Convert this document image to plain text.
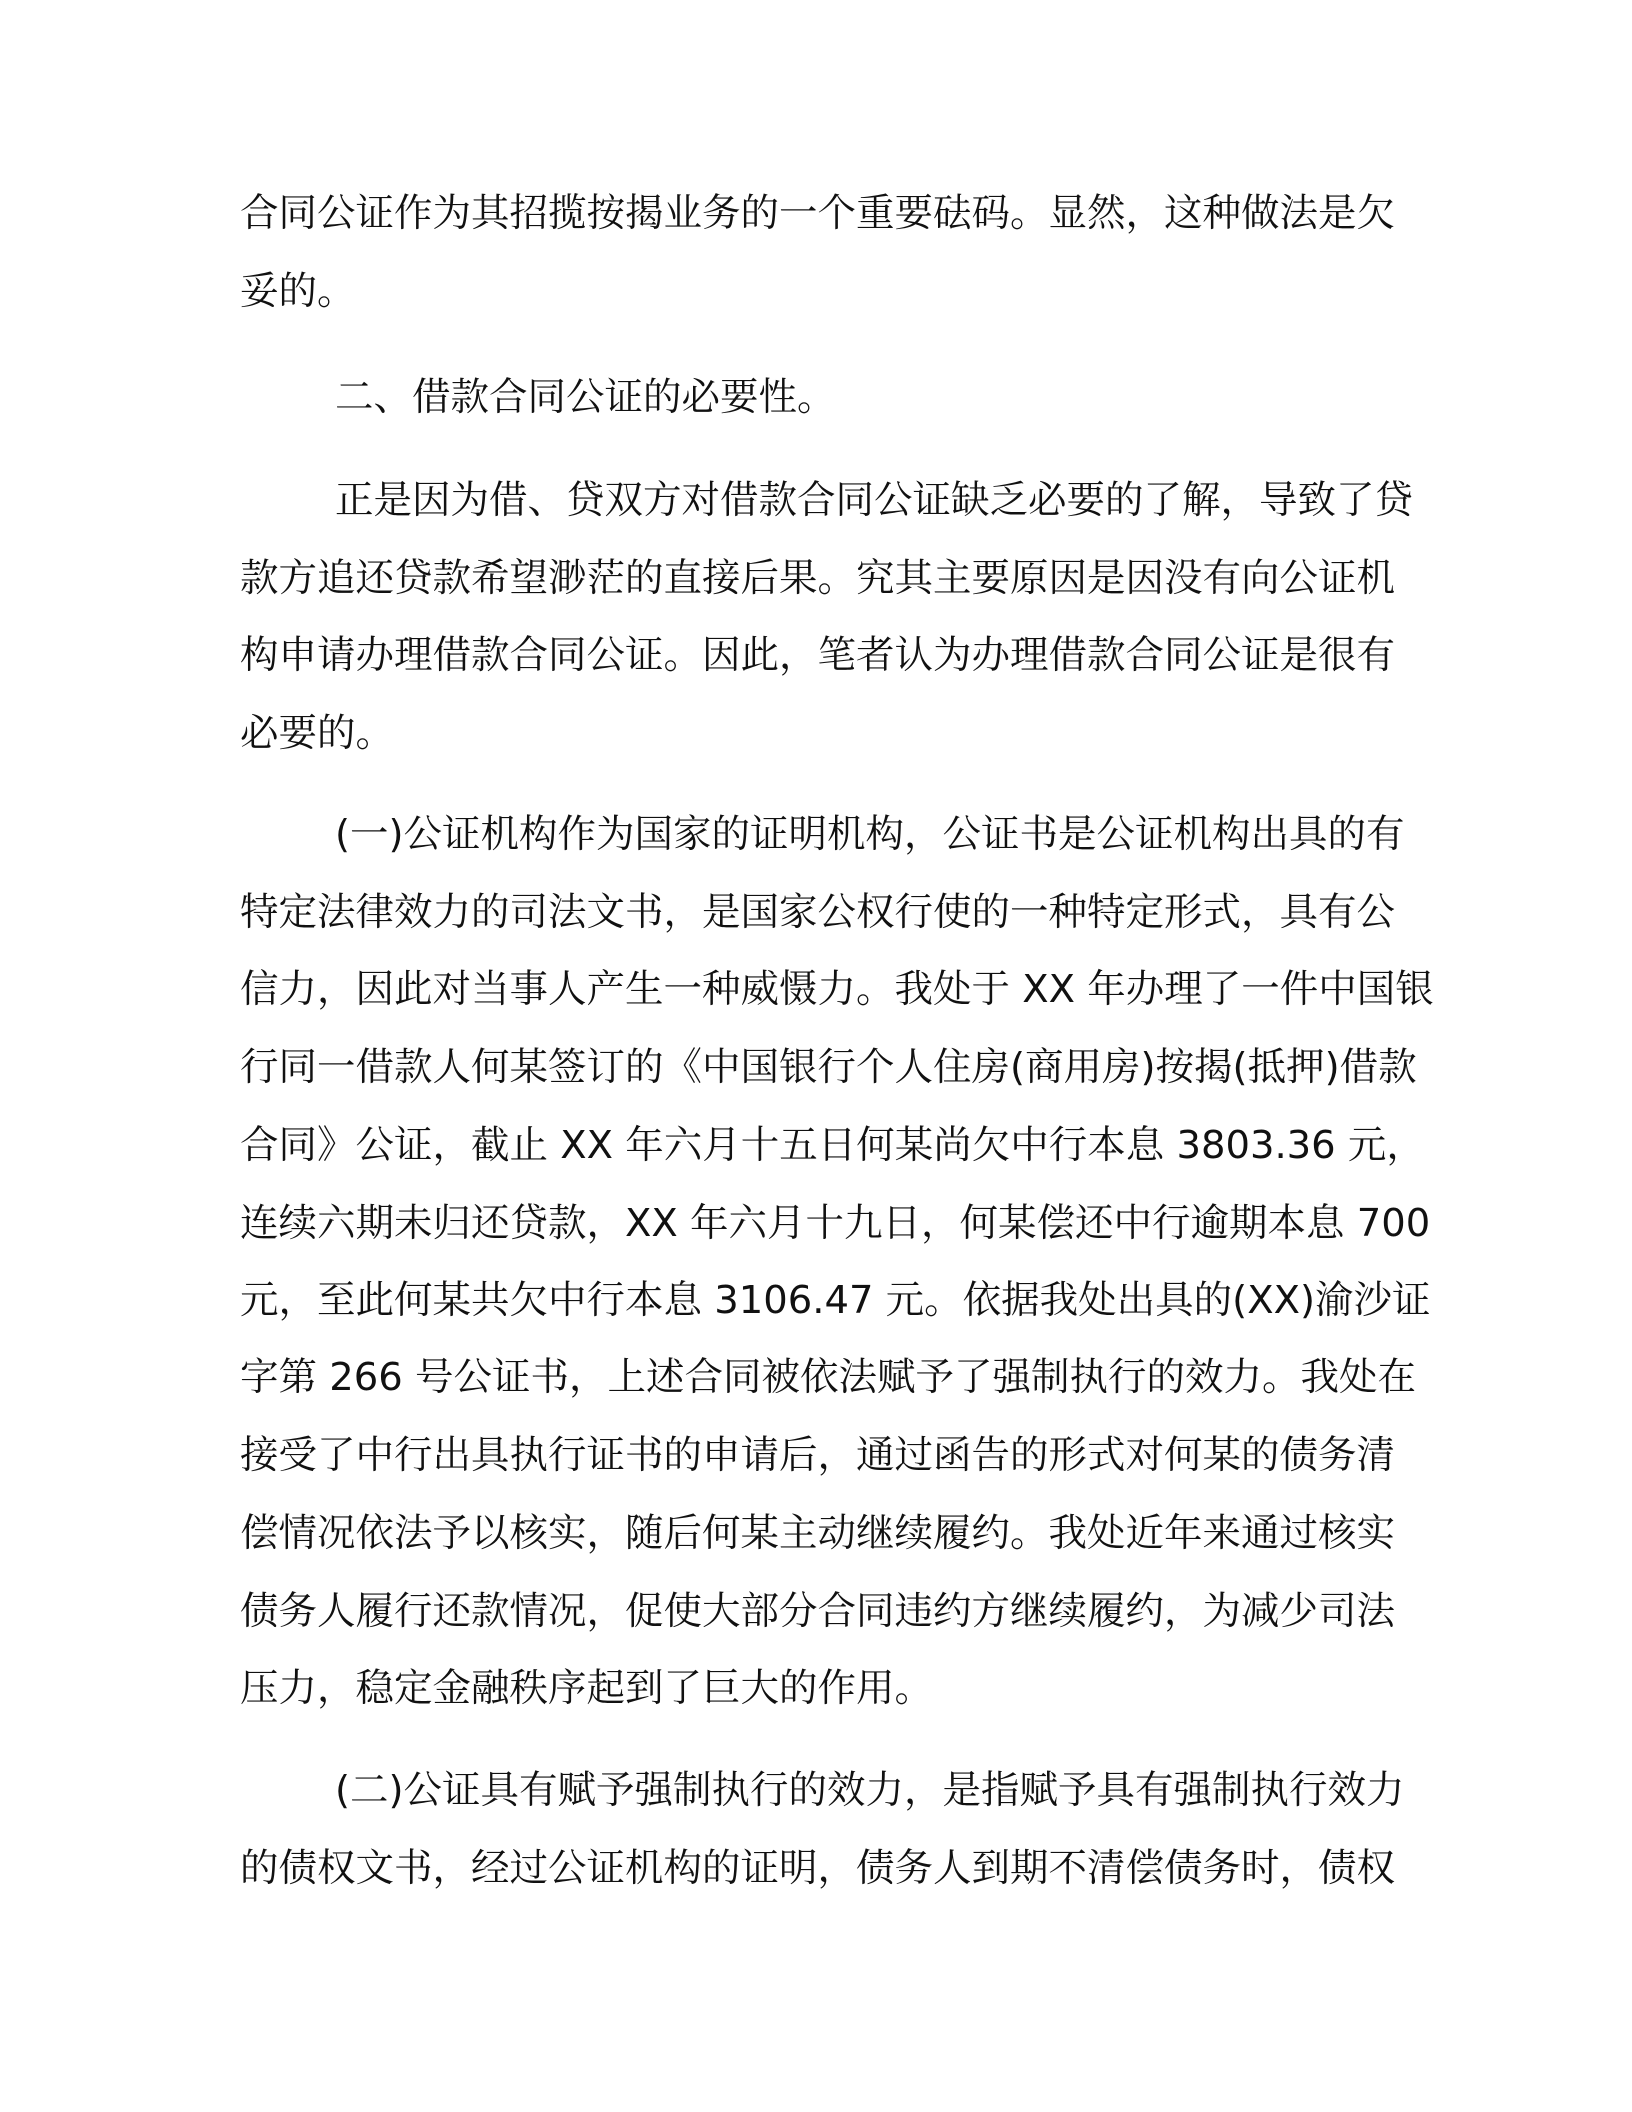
合同公证作为其招揽按揭业务的一个重要砝码。显然，这种做法是欠
妥的。
二、借款合同公证的必要性。
正是因为借、贷双方对借款合同公证缺乏必要的了解，导致了贷
款方追还贷款希望渺茫的直接后果。究其主要原因是因没有向公证机
构申请办理借款合同公证。因此，笔者认为办理借款合同公证是很有
必要的。
(一)公证机构作为国家的证明机构，公证书是公证机构出具的有
特定法律效力的司法文书，是国家公权行使的一种特定形式，具有公
信力，因此对当事人产生一种威慑力。我处于 XX 年办理了一件中国银
行同一借款人何某签订的《中国银行个人住房(商用房)按揭(抵押)借款
合同》公证，截止 XX 年六月十五日何某尚欠中行本息 3803.36 元，
连续六期未归还贷款，XX 年六月十九日，何某偿还中行逾期本息 700
元，至此何某共欠中行本息 3106.47 元。依据我处出具的(XX)渝沙证
字第 266 号公证书，上述合同被依法赋予了强制执行的效力。我处在
接受了中行出具执行证书的申请后，通过函告的形式对何某的债务清
偿情况依法予以核实，随后何某主动继续履约。我处近年来通过核实
债务人履行还款情况，促使大部分合同违约方继续履约，为减少司法
压力，稳定金融秩序起到了巨大的作用。
(二)公证具有赋予强制执行的效力，是指赋予具有强制执行效力
的债权文书，经过公证机构的证明，债务人到期不清偿债务时，债权
